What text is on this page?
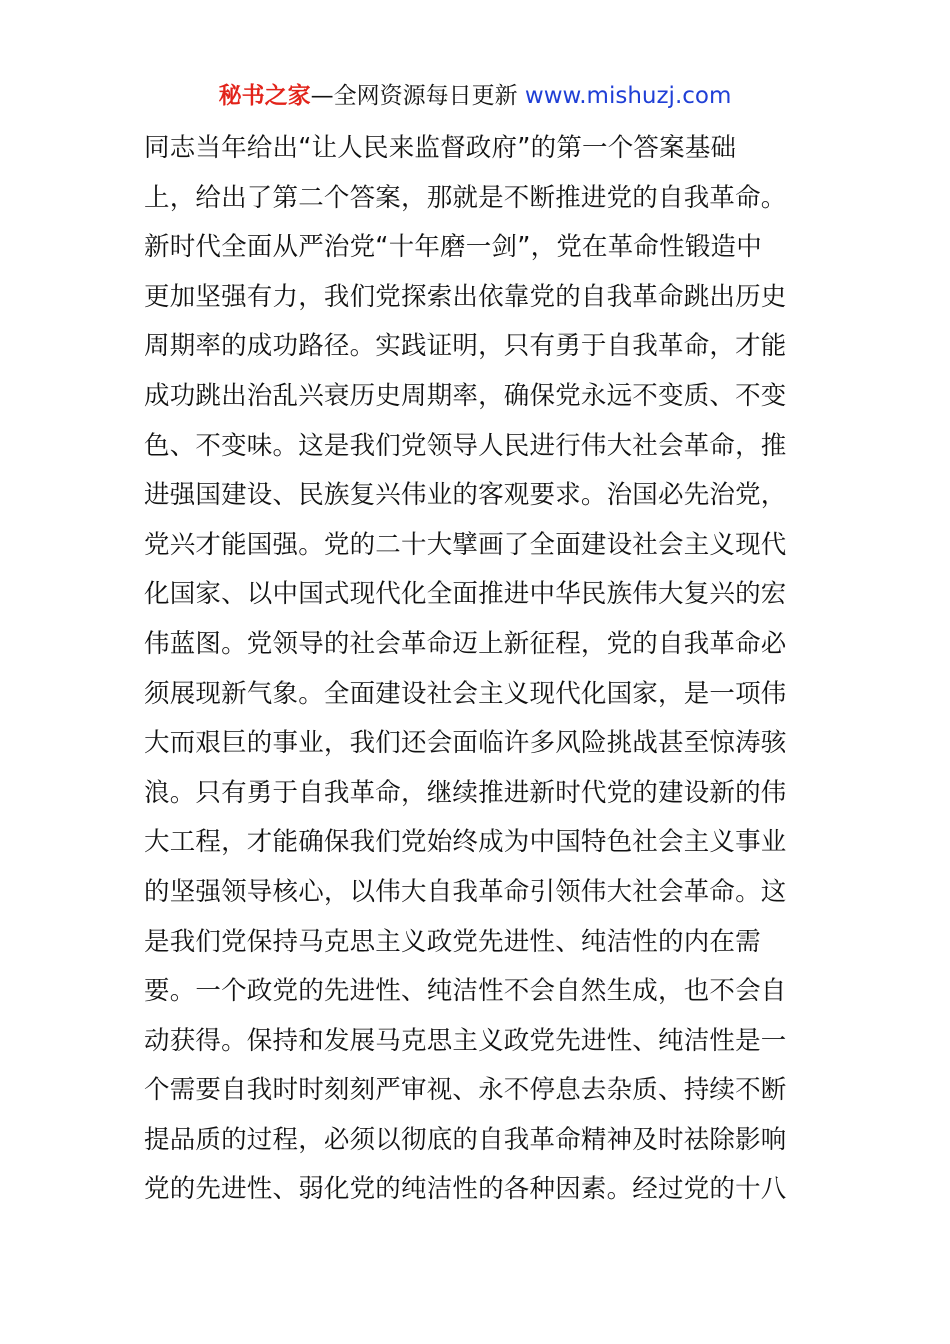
秘书之家—全网资源每日更新 www.mishuzj.com
同志当年给出“让人民来监督政府”的第一个答案基础
上，给出了第二个答案，那就是不断推进党的自我革命。
新时代全面从严治党“十年磨一剑”，党在革命性锻造中
更加坚强有力，我们党探索出依靠党的自我革命跳出历史
周期率的成功路径。实践证明，只有勇于自我革命，才能
成功跳出治乱兴衰历史周期率，确保党永远不变质、不变
色、不变味。这是我们党领导人民进行伟大社会革命，推
进强国建设、民族复兴伟业的客观要求。治国必先治党，
党兴才能国强。党的二十大擘画了全面建设社会主义现代
化国家、以中国式现代化全面推进中华民族伟大复兴的宏
伟蓝图。党领导的社会革命迈上新征程，党的自我革命必
须展现新气象。全面建设社会主义现代化国家，是一项伟
大而艰巨的事业，我们还会面临许多风险挑战甚至惊涛骇
浪。只有勇于自我革命，继续推进新时代党的建设新的伟
大工程，才能确保我们党始终成为中国特色社会主义事业
的坚强领导核心，以伟大自我革命引领伟大社会革命。这
是我们党保持马克思主义政党先进性、纯洁性的内在需
要。一个政党的先进性、纯洁性不会自然生成，也不会自
动获得。保持和发展马克思主义政党先进性、纯洁性是一
个需要自我时时刻刻严审视、永不停息去杂质、持续不断
提品质的过程，必须以彻底的自我革命精神及时祛除影响
党的先进性、弱化党的纯洁性的各种因素。经过党的十八
